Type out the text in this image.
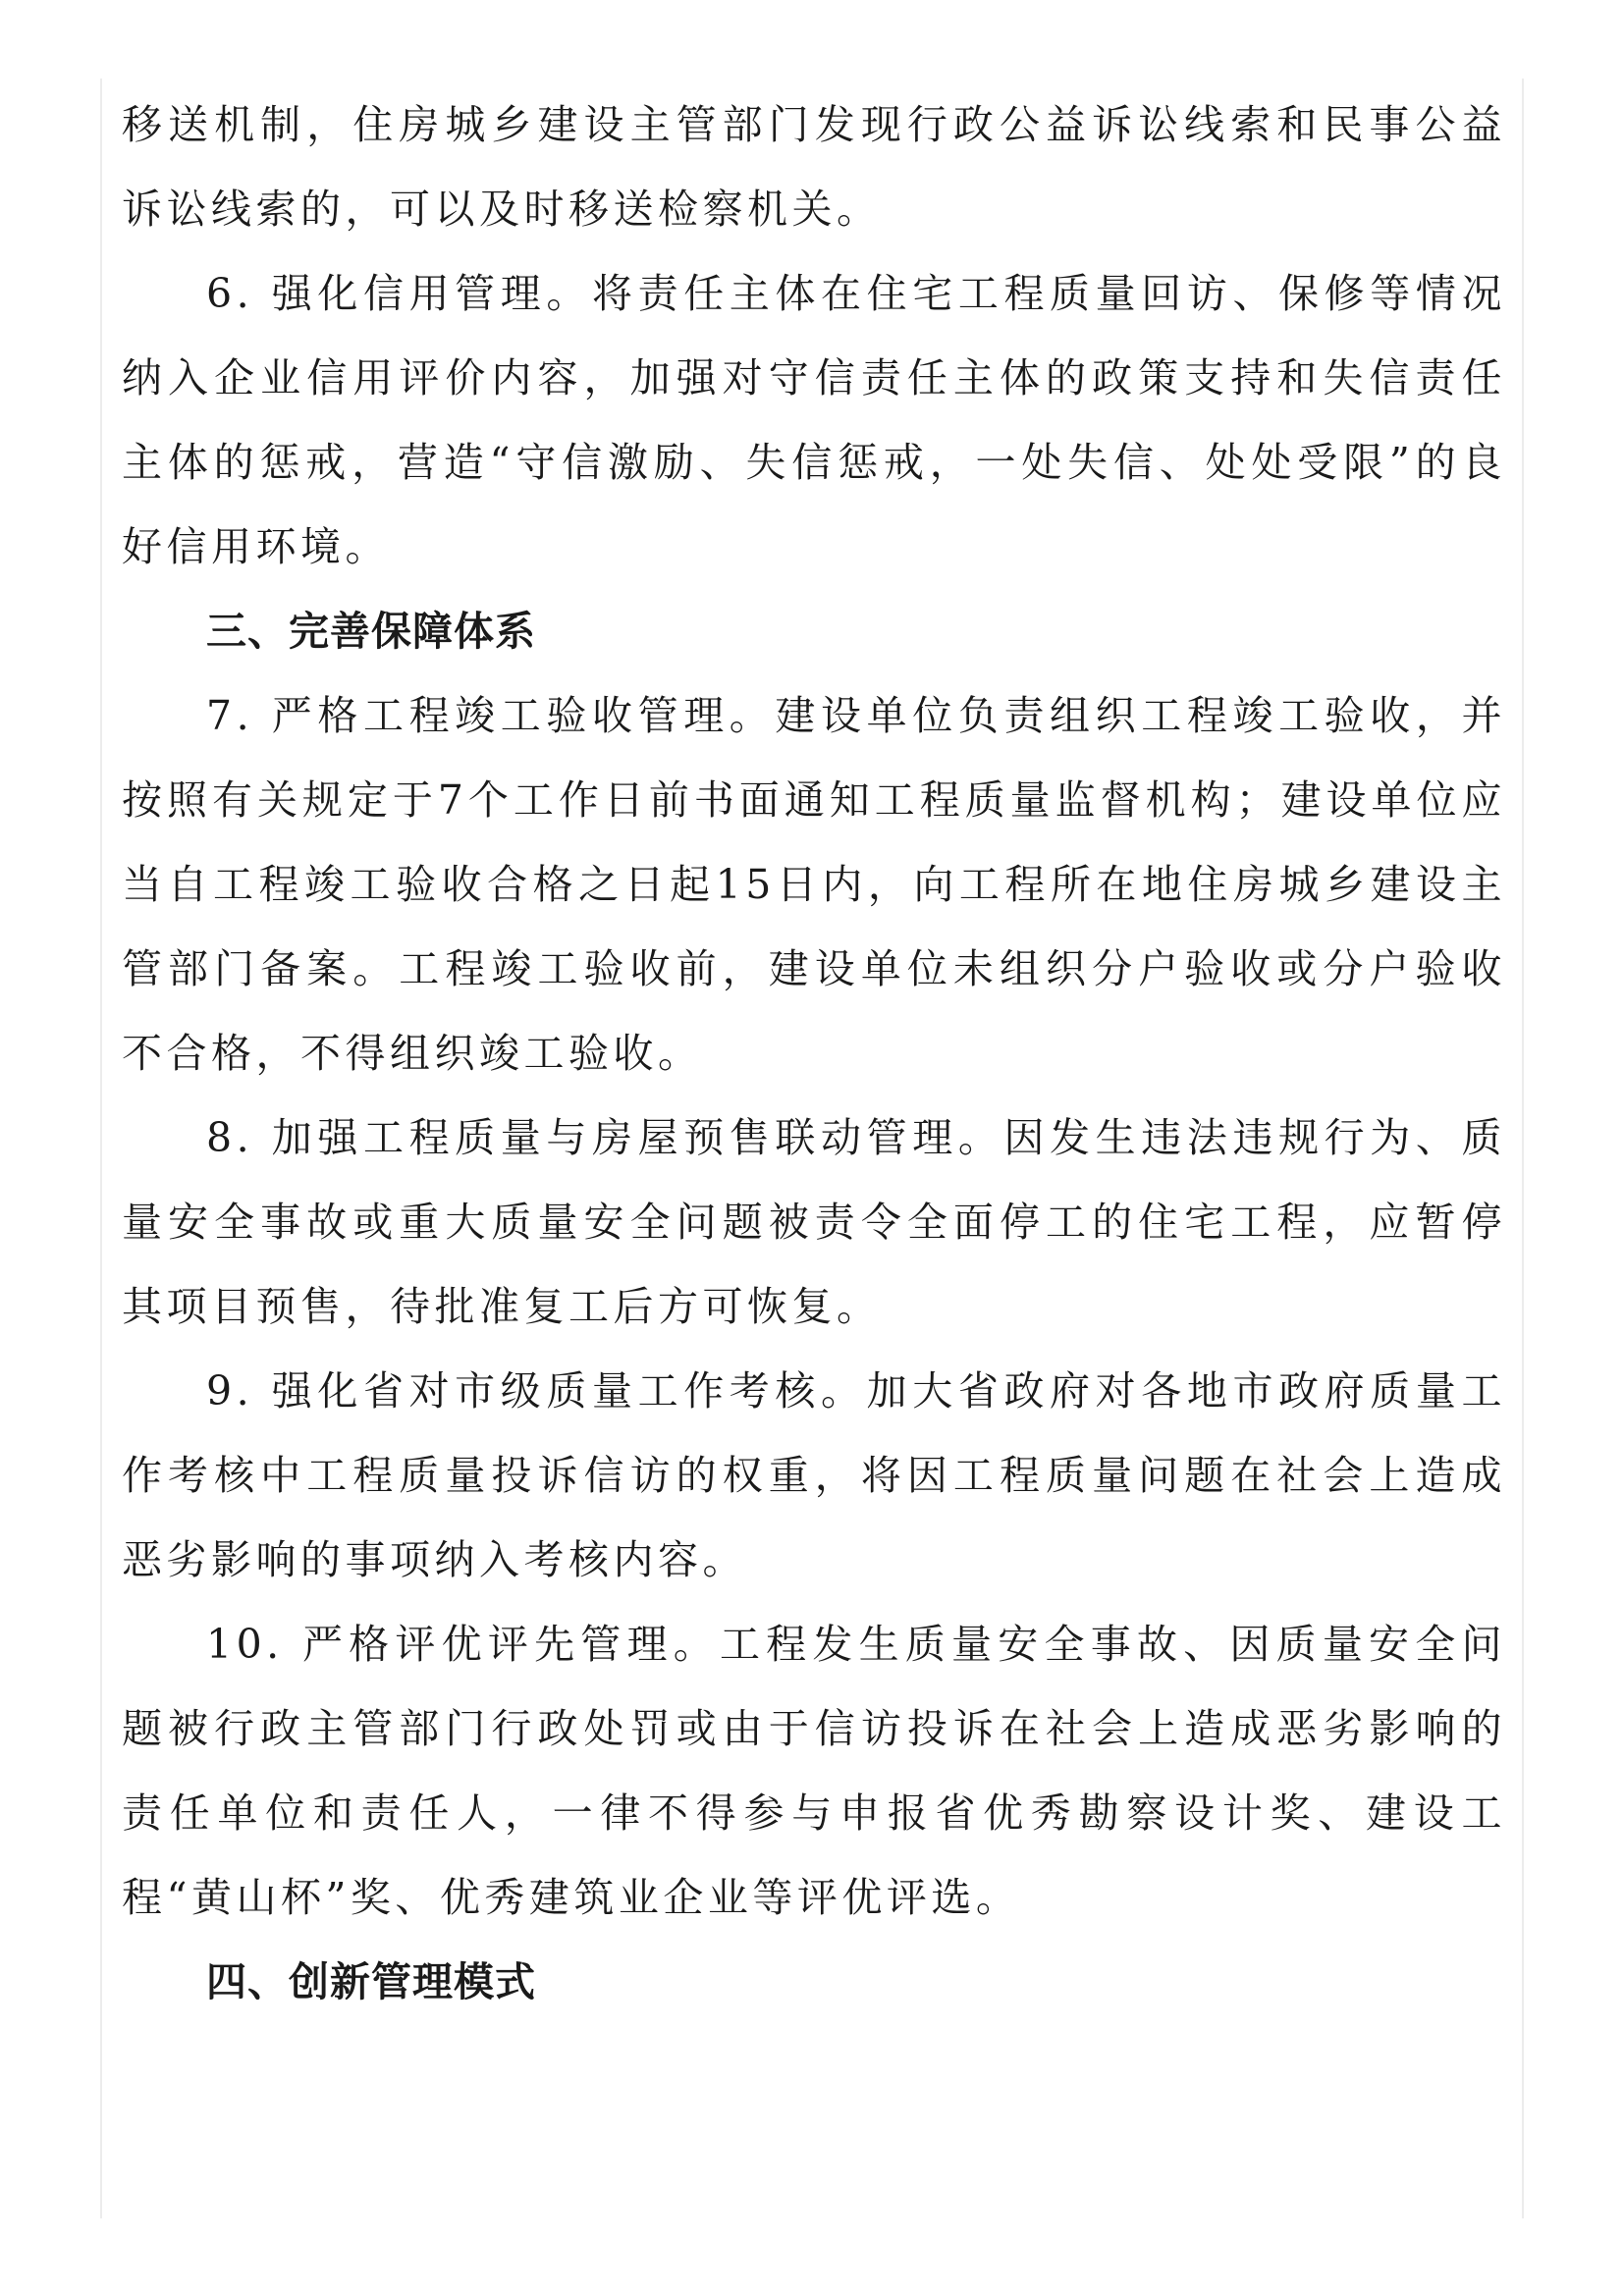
移送机制，住房城乡建设主管部门发现行政公益诉讼线索和民事公益诉讼线索的，可以及时移送检察机关。

6. 强化信用管理。将责任主体在住宅工程质量回访、保修等情况纳入企业信用评价内容，加强对守信责任主体的政策支持和失信责任主体的惩戒，营造“守信激励、失信惩戒，一处失信、处处受限”的良好信用环境。

三、完善保障体系

7. 严格工程竣工验收管理。建设单位负责组织工程竣工验收，并按照有关规定于7个工作日前书面通知工程质量监督机构；建设单位应当自工程竣工验收合格之日起15日内，向工程所在地住房城乡建设主管部门备案。工程竣工验收前，建设单位未组织分户验收或分户验收不合格，不得组织竣工验收。

8. 加强工程质量与房屋预售联动管理。因发生违法违规行为、质量安全事故或重大质量安全问题被责令全面停工的住宅工程，应暂停其项目预售，待批准复工后方可恢复。

9. 强化省对市级质量工作考核。加大省政府对各地市政府质量工作考核中工程质量投诉信访的权重，将因工程质量问题在社会上造成恶劣影响的事项纳入考核内容。

10. 严格评优评先管理。工程发生质量安全事故、因质量安全问题被行政主管部门行政处罚或由于信访投诉在社会上造成恶劣影响的责任单位和责任人，一律不得参与申报省优秀勘察设计奖、建设工程“黄山杯”奖、优秀建筑业企业等评优评选。

四、创新管理模式
